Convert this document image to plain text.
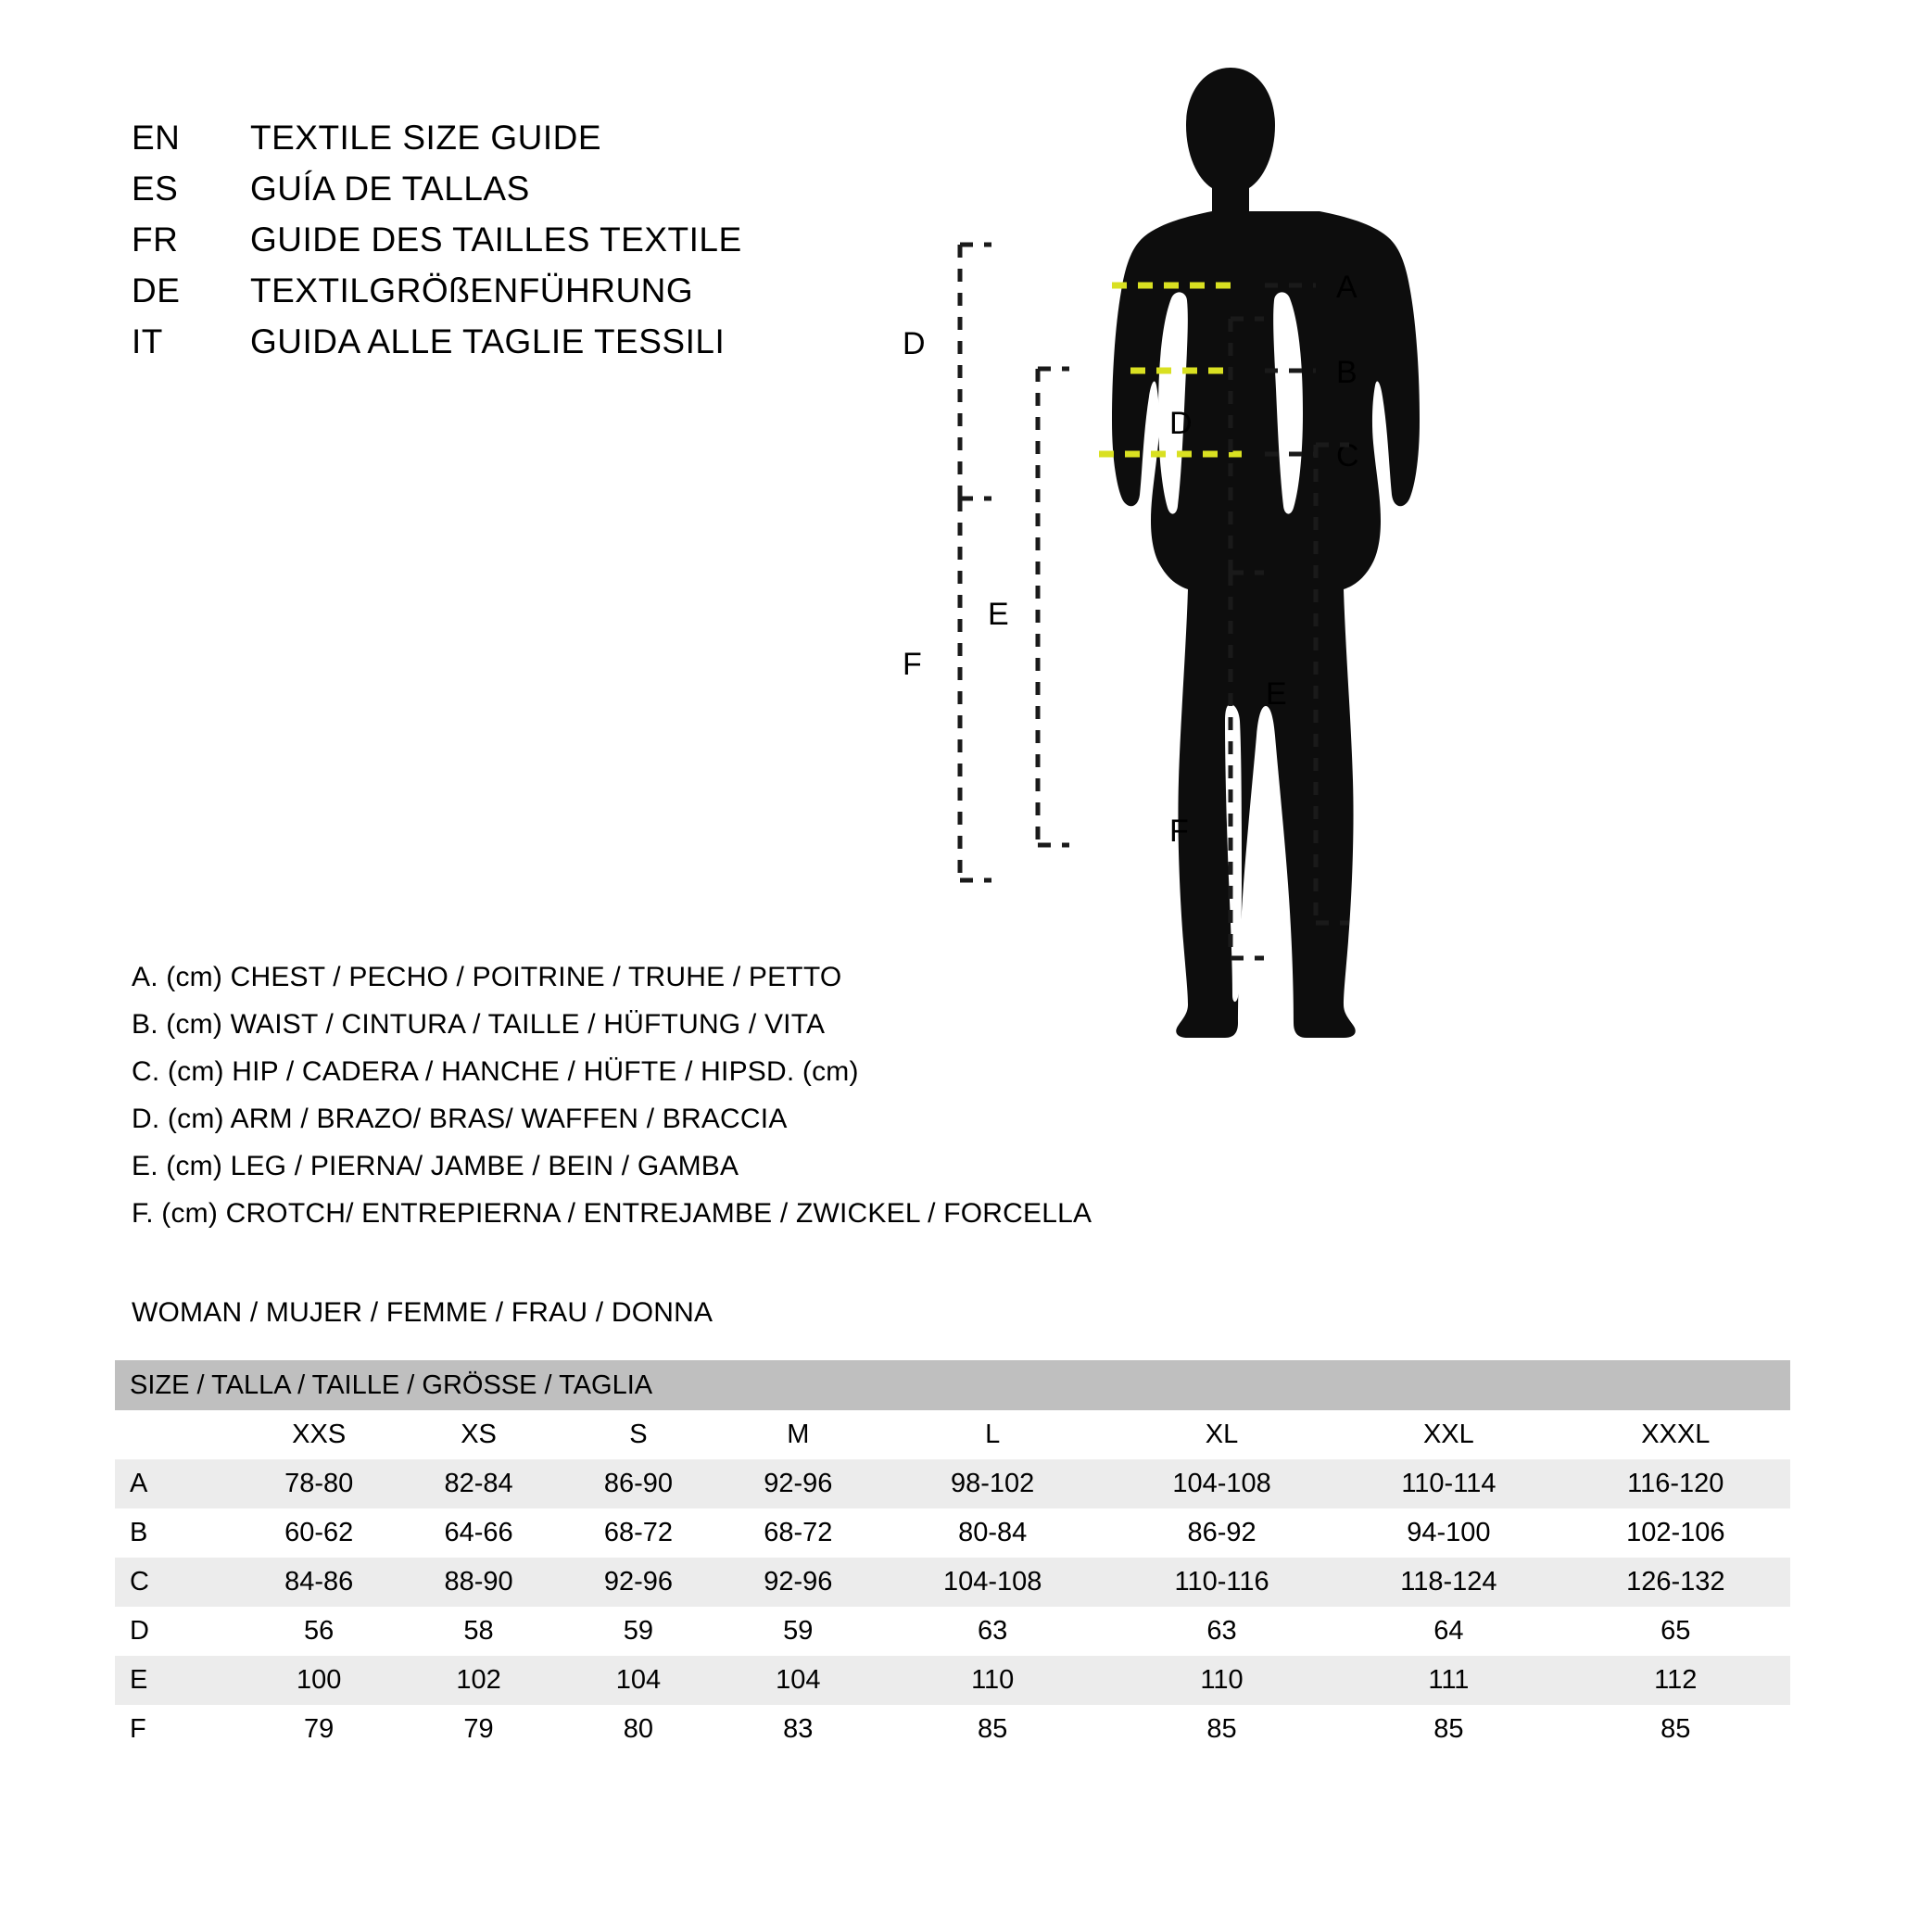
EN	TEXTILE SIZE GUIDE
ES	GUÍA DE TALLAS
FR	GUIDE DES TAILLES TEXTILE
DE	TEXTILGRÖßENFÜHRUNG
IT	GUIDA ALLE TAGLIE TESSILI
A
B
C
D
E
F
D
E
F
A. (cm) CHEST / PECHO / POITRINE / TRUHE / PETTO
B. (cm) WAIST / CINTURA / TAILLE / HÜFTUNG / VITA
C. (cm) HIP / CADERA / HANCHE / HÜFTE / HIPSD. (cm)
D. (cm) ARM / BRAZO/ BRAS/ WAFFEN / BRACCIA
E. (cm) LEG / PIERNA/ JAMBE / BEIN / GAMBA
F. (cm) CROTCH/ ENTREPIERNA / ENTREJAMBE / ZWICKEL / FORCELLA
WOMAN / MUJER / FEMME / FRAU / DONNA
SIZE / TALLA / TAILLE / GRÖSSE / TAGLIA								
	XXS	XS	S	M	L	XL	XXL	XXXL
A	78-80	82-84	86-90	92-96	98-102	104-108	110-114	116-120
B	60-62	64-66	68-72	68-72	80-84	86-92	94-100	102-106
C	84-86	88-90	92-96	92-96	104-108	110-116	118-124	126-132
D	56	58	59	59	63	63	64	65
E	100	102	104	104	110	110	111	112
F	79	79	80	83	85	85	85	85
